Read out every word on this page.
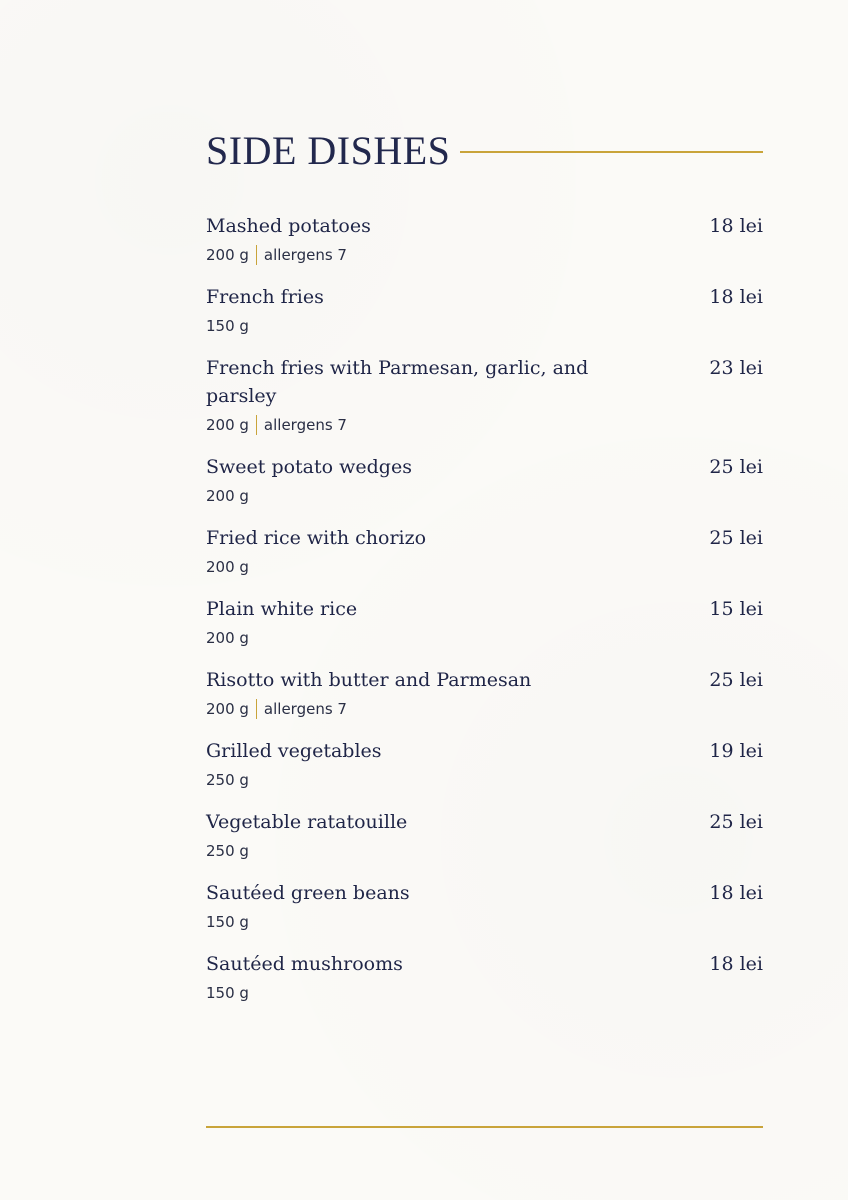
SIDE DISHES
Mashed potatoes	18 lei
200 g allergens 7
French fries	18 lei
150 g
French fries with Parmesan, garlic, and parsley
23 lei
200 g allergens 7
Sweet potato wedges	25 lei
200 g
Fried rice with chorizo	25 lei
200 g
Plain white rice	15 lei
200 g
Risotto with butter and Parmesan	25 lei
200 g allergens 7
Grilled vegetables	19 lei
250 g
Vegetable ratatouille	25 lei
250 g
Sautéed green beans	18 lei
150 g
Sautéed mushrooms	18 lei
150 g
